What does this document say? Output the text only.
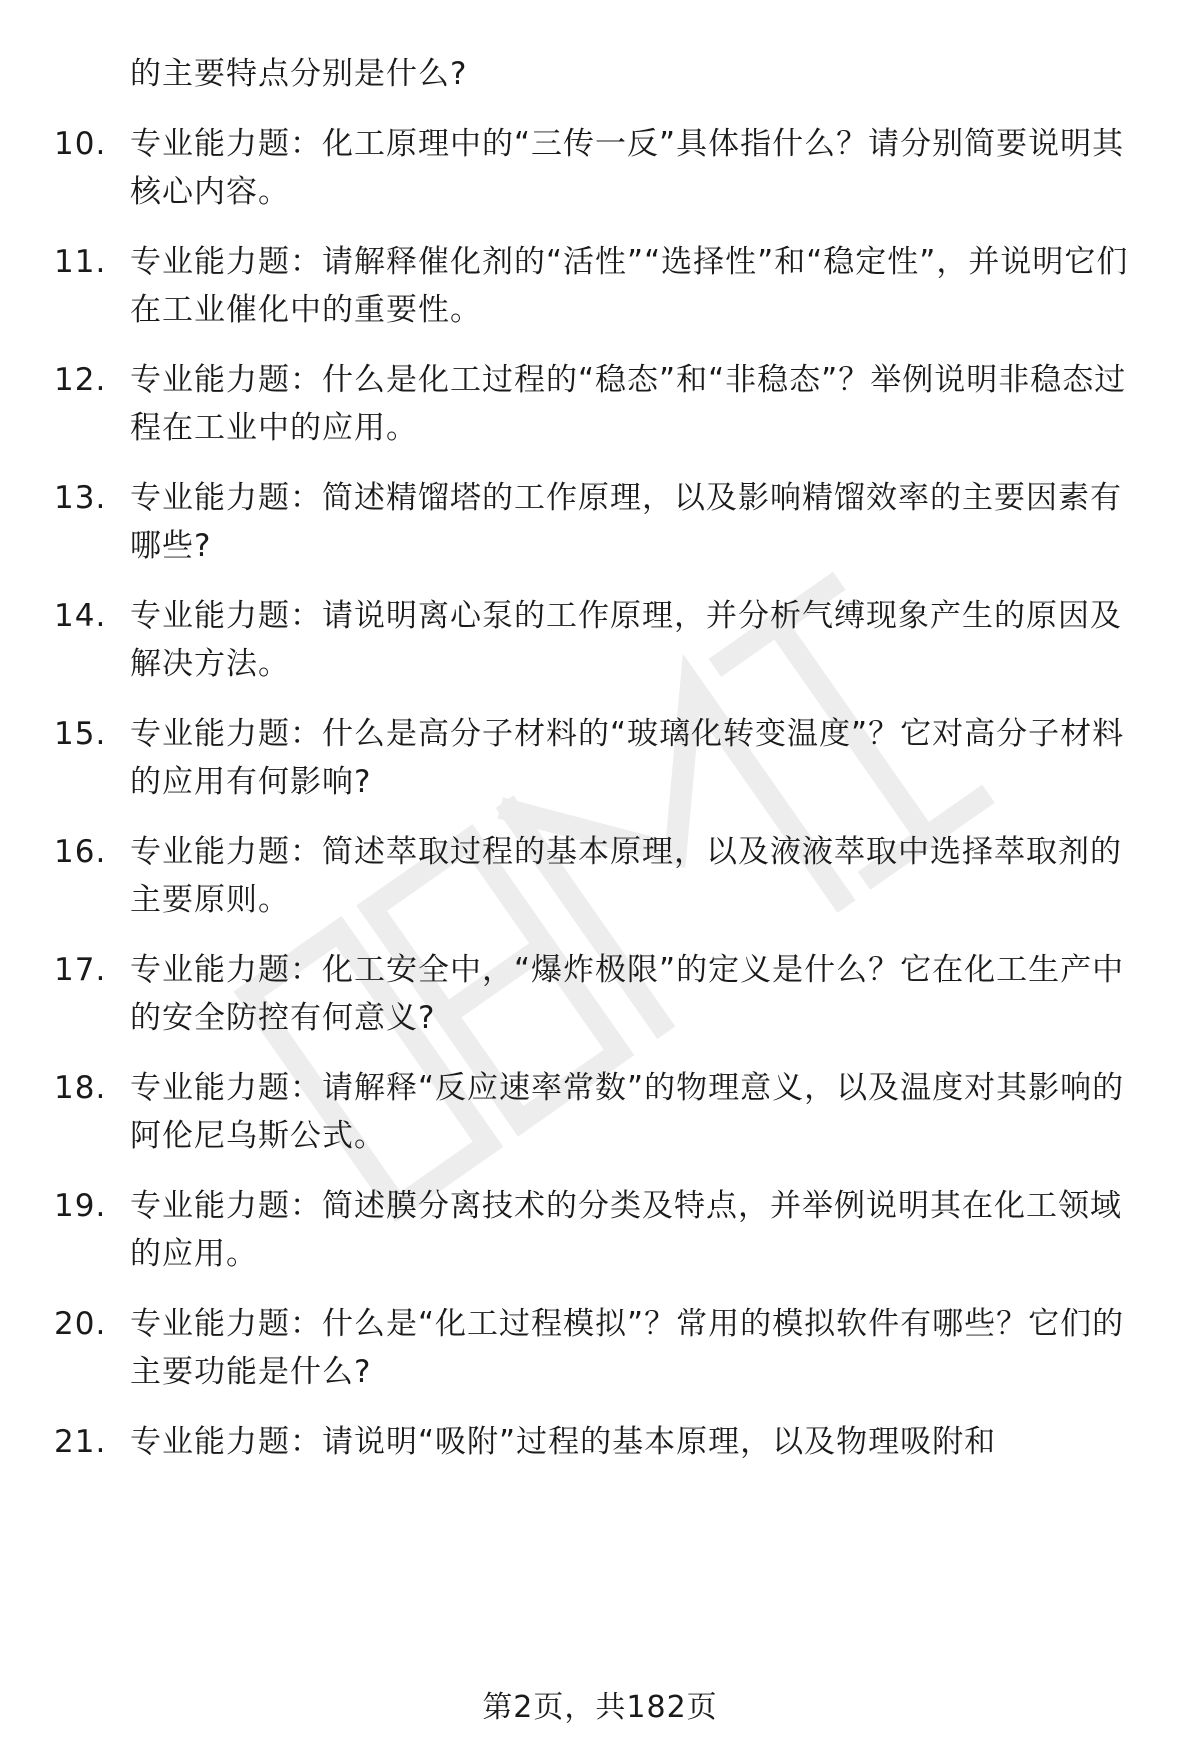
的主要特点分别是什么?
10. 专业能力题：化工原理中的“三传一反”具体指什么？请分别简要说明其核心内容。
11. 专业能力题：请解释催化剂的“活性”“选择性”和“稳定性”，并说明它们在工业催化中的重要性。
12. 专业能力题：什么是化工过程的“稳态”和“非稳态”？举例说明非稳态过程在工业中的应用。
13. 专业能力题：简述精馏塔的工作原理，以及影响精馏效率的主要因素有哪些?
14. 专业能力题：请说明离心泵的工作原理，并分析气缚现象产生的原因及解决方法。
15. 专业能力题：什么是高分子材料的“玻璃化转变温度”？它对高分子材料的应用有何影响?
16. 专业能力题：简述萃取过程的基本原理，以及液液萃取中选择萃取剂的主要原则。
17. 专业能力题：化工安全中，“爆炸极限”的定义是什么？它在化工生产中的安全防控有何意义?
18. 专业能力题：请解释“反应速率常数”的物理意义，以及温度对其影响的阿伦尼乌斯公式。
19. 专业能力题：简述膜分离技术的分类及特点，并举例说明其在化工领域的应用。
20. 专业能力题：什么是“化工过程模拟”？常用的模拟软件有哪些？它们的主要功能是什么?
21. 专业能力题：请说明“吸附”过程的基本原理，以及物理吸附和
第2页，共182页
